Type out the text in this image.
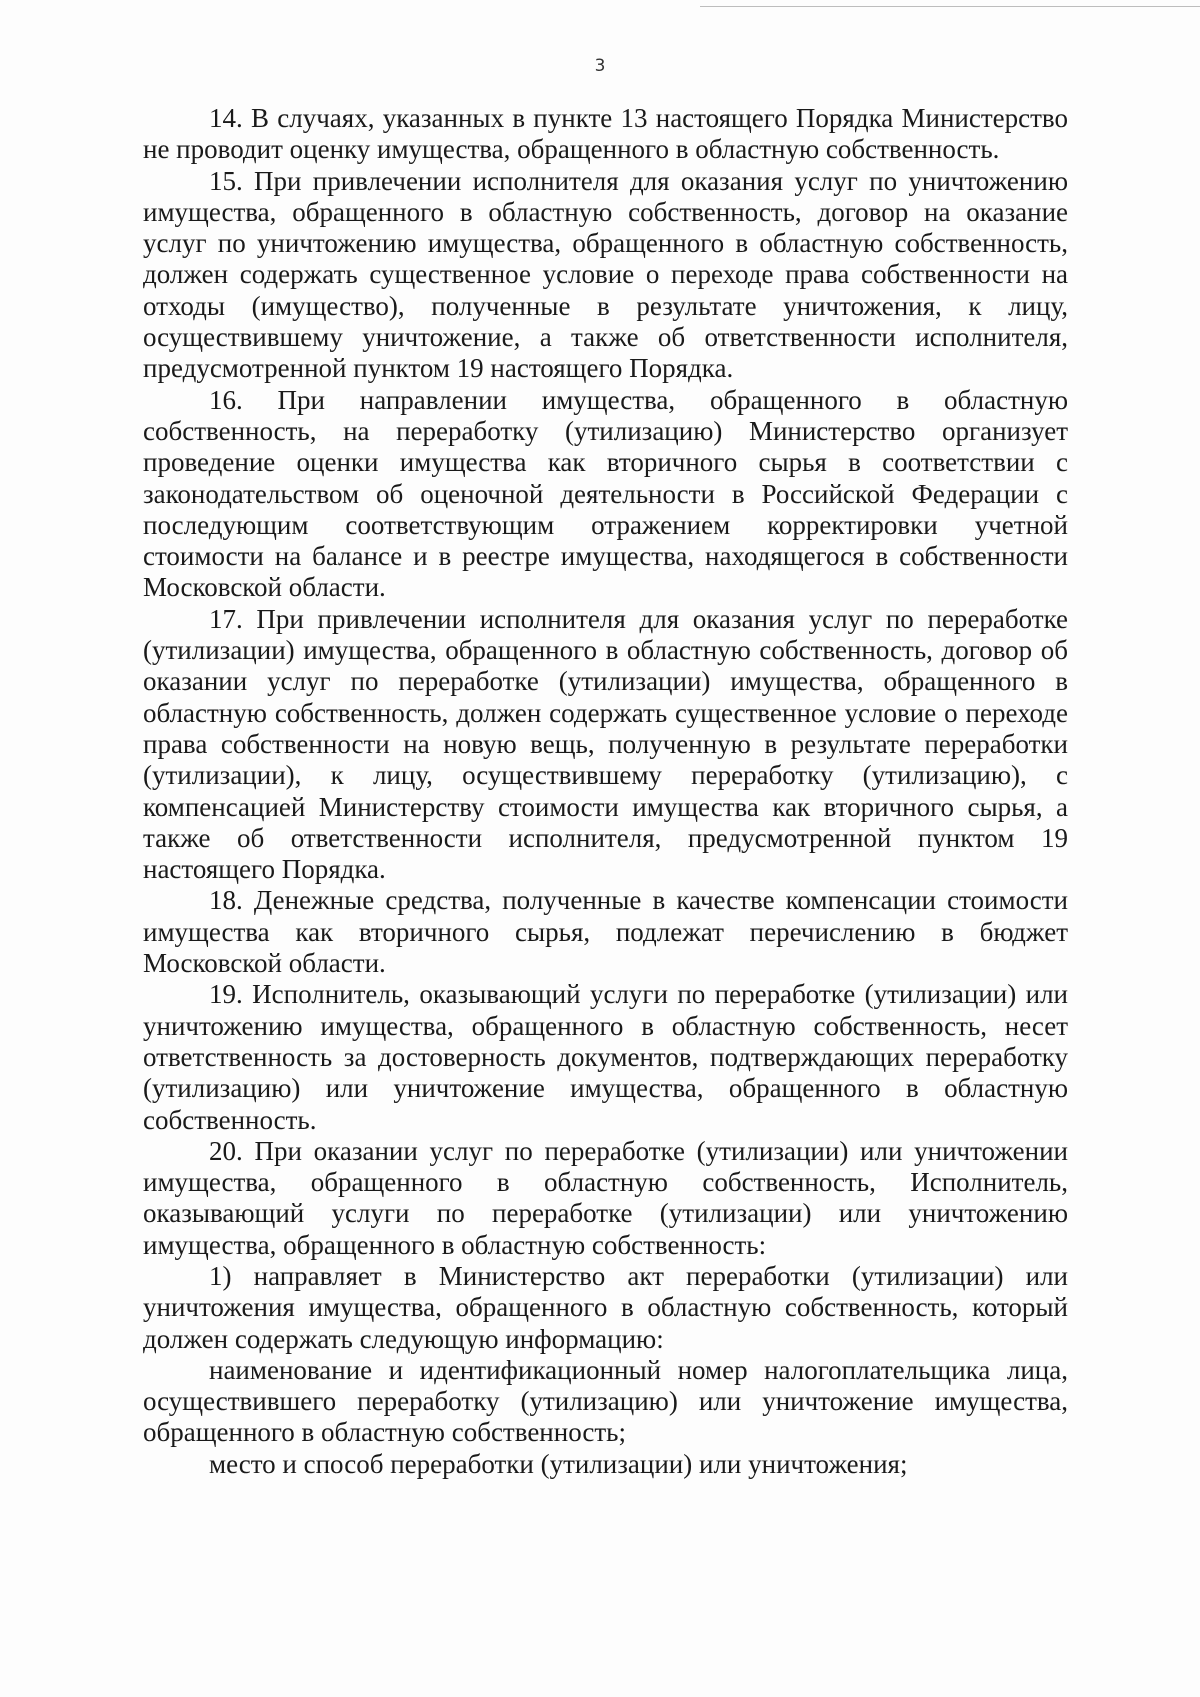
3

14. В случаях, указанных в пункте 13 настоящего Порядка Министерство не проводит оценку имущества, обращенного в областную собственность.

15. При привлечении исполнителя для оказания услуг по уничтожению имущества, обращенного в областную собственность, договор на оказание услуг по уничтожению имущества, обращенного в областную собственность, должен содержать существенное условие о переходе права собственности на отходы (имущество), полученные в результате уничтожения, к лицу, осуществившему уничтожение, а также об ответственности исполнителя, предусмотренной пунктом 19 настоящего Порядка.

16. При направлении имущества, обращенного в областную собственность, на переработку (утилизацию) Министерство организует проведение оценки имущества как вторичного сырья в соответствии с законодательством об оценочной деятельности в Российской Федерации с последующим соответствующим отражением корректировки учетной стоимости на балансе и в реестре имущества, находящегося в собственности Московской области.

17. При привлечении исполнителя для оказания услуг по переработке (утилизации) имущества, обращенного в областную собственность, договор об оказании услуг по переработке (утилизации) имущества, обращенного в областную собственность, должен содержать существенное условие о переходе права собственности на новую вещь, полученную в результате переработки (утилизации), к лицу, осуществившему переработку (утилизацию), с компенсацией Министерству стоимости имущества как вторичного сырья, а также об ответственности исполнителя, предусмотренной пунктом 19 настоящего Порядка.

18. Денежные средства, полученные в качестве компенсации стоимости имущества как вторичного сырья, подлежат перечислению в бюджет Московской области.

19. Исполнитель, оказывающий услуги по переработке (утилизации) или уничтожению имущества, обращенного в областную собственность, несет ответственность за достоверность документов, подтверждающих переработку (утилизацию) или уничтожение имущества, обращенного в областную собственность.

20. При оказании услуг по переработке (утилизации) или уничтожении имущества, обращенного в областную собственность, Исполнитель, оказывающий услуги по переработке (утилизации) или уничтожению имущества, обращенного в областную собственность:

1) направляет в Министерство акт переработки (утилизации) или уничтожения имущества, обращенного в областную собственность, который должен содержать следующую информацию:

наименование и идентификационный номер налогоплательщика лица, осуществившего переработку (утилизацию) или уничтожение имущества, обращенного в областную собственность;

место и способ переработки (утилизации) или уничтожения;
